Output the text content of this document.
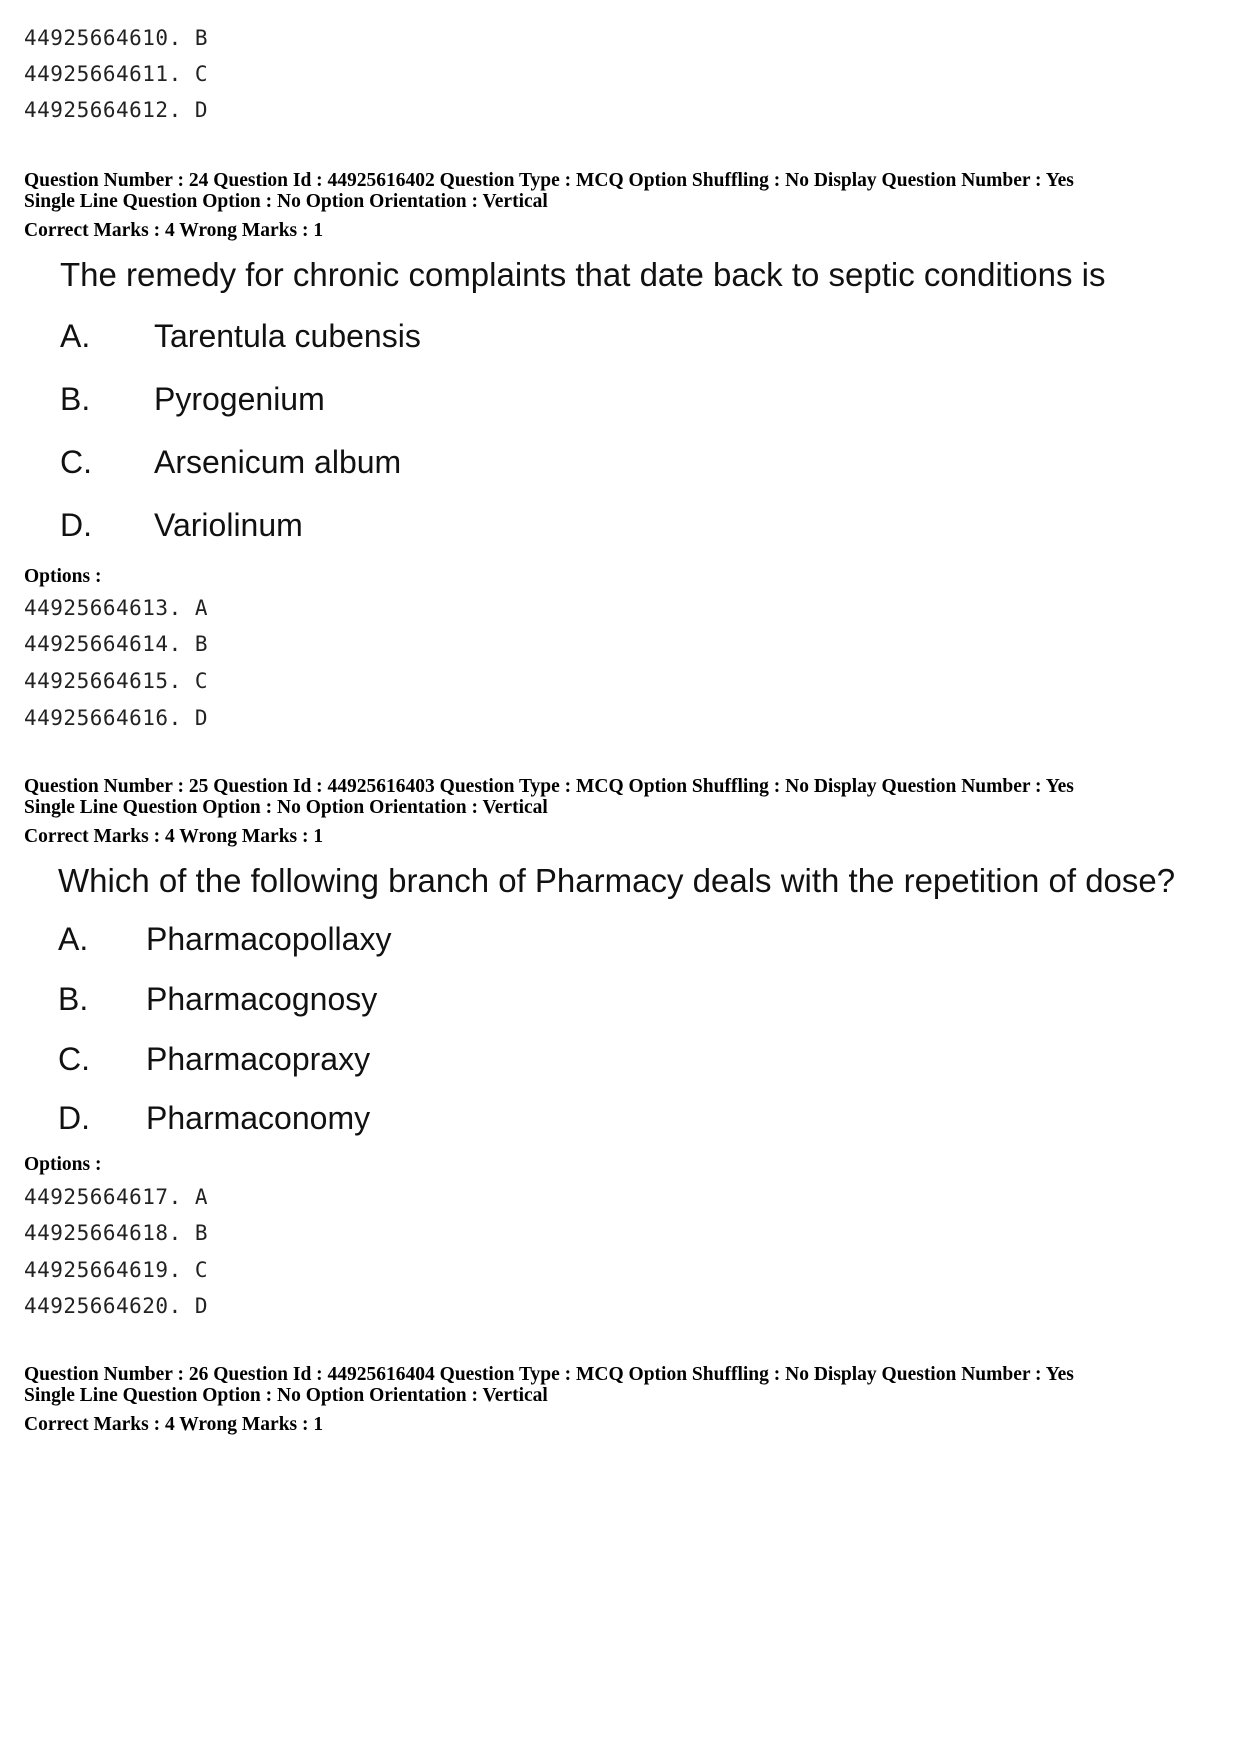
44925664610. B
44925664611. C
44925664612. D
Question Number : 24 Question Id : 44925616402 Question Type : MCQ Option Shuffling : No Display Question Number : Yes
Single Line Question Option : No Option Orientation : Vertical
Correct Marks : 4 Wrong Marks : 1
The remedy for chronic complaints that date back to septic conditions is
A. Tarentula cubensis
B. Pyrogenium
C. Arsenicum album
D. Variolinum
Options :
44925664613. A
44925664614. B
44925664615. C
44925664616. D
Question Number : 25 Question Id : 44925616403 Question Type : MCQ Option Shuffling : No Display Question Number : Yes
Single Line Question Option : No Option Orientation : Vertical
Correct Marks : 4 Wrong Marks : 1
Which of the following branch of Pharmacy deals with the repetition of dose?
A. Pharmacopollaxy
B. Pharmacognosy
C. Pharmacopraxy
D. Pharmaconomy
Options :
44925664617. A
44925664618. B
44925664619. C
44925664620. D
Question Number : 26 Question Id : 44925616404 Question Type : MCQ Option Shuffling : No Display Question Number : Yes
Single Line Question Option : No Option Orientation : Vertical
Correct Marks : 4 Wrong Marks : 1
